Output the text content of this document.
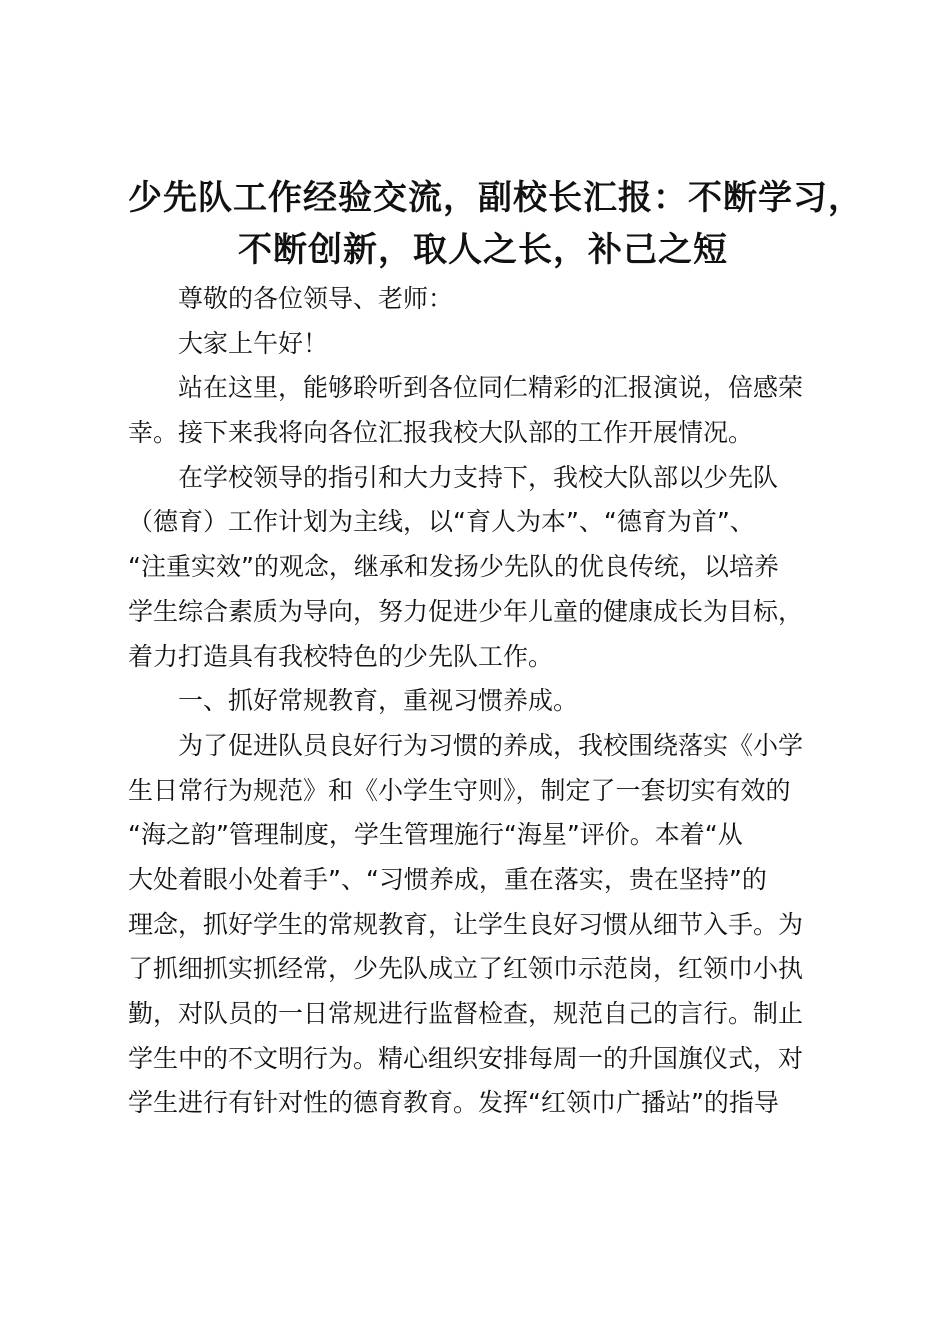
少先队工作经验交流，副校长汇报：不断学习，
不断创新，取人之长，补己之短
尊敬的各位领导、老师：
大家上午好！
站在这里，能够聆听到各位同仁精彩的汇报演说，倍感荣
幸。接下来我将向各位汇报我校大队部的工作开展情况。
在学校领导的指引和大力支持下，我校大队部以少先队
（德育）工作计划为主线，以“育人为本”、“德育为首”、
“注重实效”的观念，继承和发扬少先队的优良传统，以培养
学生综合素质为导向，努力促进少年儿童的健康成长为目标，
着力打造具有我校特色的少先队工作。
一、抓好常规教育，重视习惯养成。
为了促进队员良好行为习惯的养成，我校围绕落实《小学
生日常行为规范》和《小学生守则》，制定了一套切实有效的
“海之韵”管理制度，学生管理施行“海星”评价。本着“从
大处着眼小处着手”、“习惯养成，重在落实，贵在坚持”的
理念，抓好学生的常规教育，让学生良好习惯从细节入手。为
了抓细抓实抓经常，少先队成立了红领巾示范岗，红领巾小执
勤，对队员的一日常规进行监督检查，规范自己的言行。制止
学生中的不文明行为。精心组织安排每周一的升国旗仪式，对
学生进行有针对性的德育教育。发挥“红领巾广播站”的指导
